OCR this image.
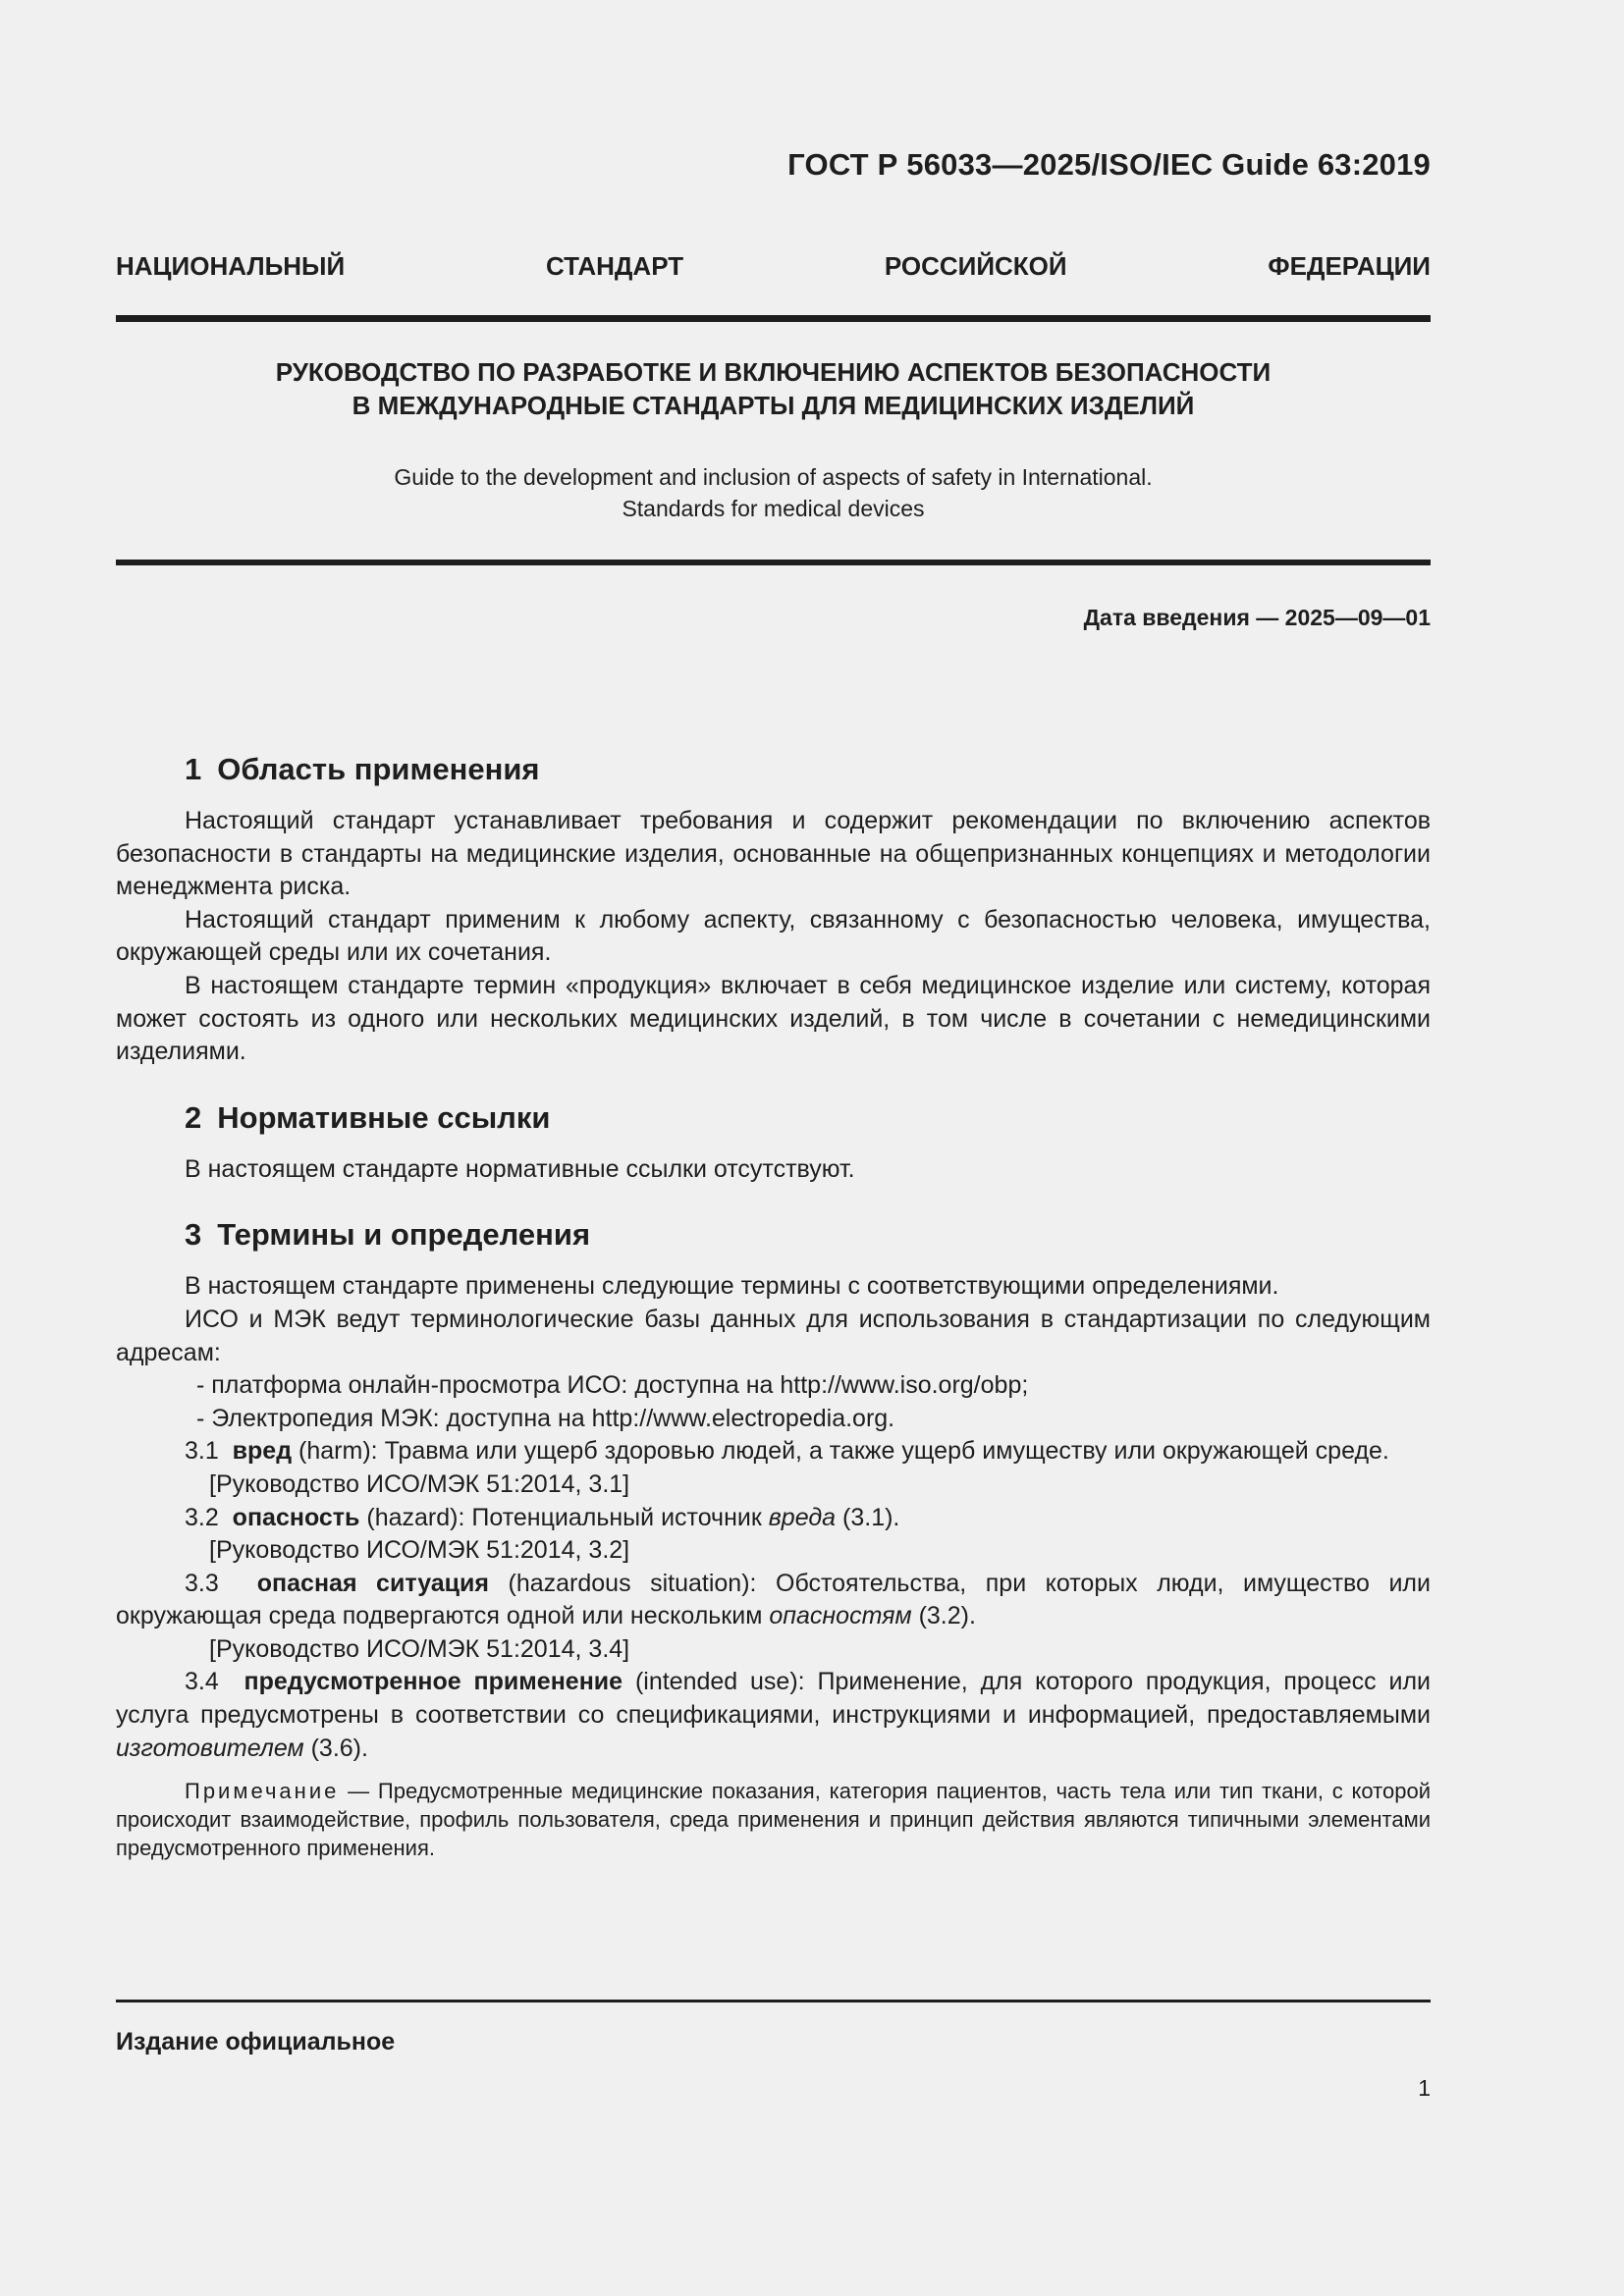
ГОСТ Р 56033—2025/ISO/IEC Guide 63:2019
НАЦИОНАЛЬНЫЙ СТАНДАРТ РОССИЙСКОЙ ФЕДЕРАЦИИ
РУКОВОДСТВО ПО РАЗРАБОТКЕ И ВКЛЮЧЕНИЮ АСПЕКТОВ БЕЗОПАСНОСТИ
В МЕЖДУНАРОДНЫЕ СТАНДАРТЫ ДЛЯ МЕДИЦИНСКИХ ИЗДЕЛИЙ
Guide to the development and inclusion of aspects of safety in International.
Standards for medical devices
Дата введения — 2025—09—01
1 Область применения

Настоящий стандарт устанавливает требования и содержит рекомендации по включению аспектов безопасности в стандарты на медицинские изделия, основанные на общепризнанных концепциях и методологии менеджмента риска.

Настоящий стандарт применим к любому аспекту, связанному с безопасностью человека, имущества, окружающей среды или их сочетания.

В настоящем стандарте термин «продукция» включает в себя медицинское изделие или систему, которая может состоять из одного или нескольких медицинских изделий, в том числе в сочетании с немедицинскими изделиями.

2 Нормативные ссылки

В настоящем стандарте нормативные ссылки отсутствуют.

3 Термины и определения

В настоящем стандарте применены следующие термины с соответствующими определениями.

ИСО и МЭК ведут терминологические базы данных для использования в стандартизации по следующим адресам:

- платформа онлайн-просмотра ИСО: доступна на http://www.iso.org/obp;

- Электропедия МЭК: доступна на http://www.electropedia.org.

3.1 вред (harm): Травма или ущерб здоровью людей, а также ущерб имуществу или окружающей среде.

[Руководство ИСО/МЭК 51:2014, 3.1]

3.2 опасность (hazard): Потенциальный источник вреда (3.1).

[Руководство ИСО/МЭК 51:2014, 3.2]

3.3 опасная ситуация (hazardous situation): Обстоятельства, при которых люди, имущество или окружающая среда подвергаются одной или нескольким опасностям (3.2).

[Руководство ИСО/МЭК 51:2014, 3.4]

3.4 предусмотренное применение (intended use): Применение, для которого продукция, процесс или услуга предусмотрены в соответствии со спецификациями, инструкциями и информацией, предоставляемыми изготовителем (3.6).

Примечание — Предусмотренные медицинские показания, категория пациентов, часть тела или тип ткани, с которой происходит взаимодействие, профиль пользователя, среда применения и принцип действия являются типичными элементами предусмотренного применения.

Издание официальное
1
